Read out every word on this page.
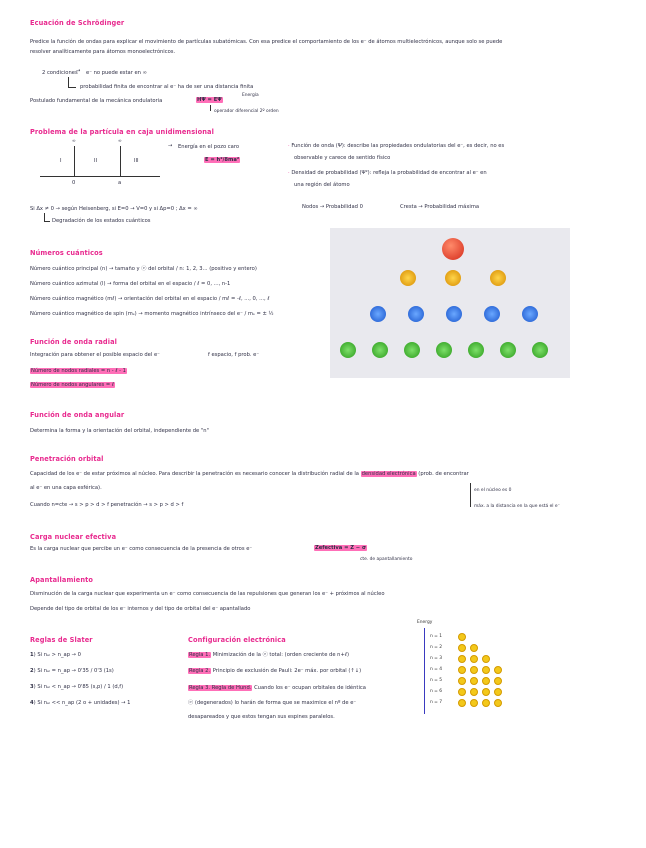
Ecuación de Schrödinger
Predice la función de ondas para explicar el movimiento de partículas subatómicas. Con esa predice el comportamiento de los e⁻ de átomos multielectrónicos, aunque solo se puede
resolver analíticamente para átomos monoelectrónicos.
2 condiciones
→ e⁻ no puede estar en ∞
probabilidad finita de encontrar al e⁻ ha de ser una distancia finita
Postulado fundamental de la mecánica ondulatoria	HΨ = EΨ
Energía
operador diferencial 2º orden
Problema de la partícula en caja unidimensional
∞	∞
I	II	III
0	a
→ Energía en el pozo caro
E = h²/8ma²
Si Δx ≠ 0 → según Heisenberg, si E=0 → V=0 y si Δp=0 ; Δx = ∞
Degradación de los estados cuánticos
· Función de onda (Ψ): describe las propiedades ondulatorias del e⁻, es decir, no es
observable y carece de sentido físico
· Densidad de probabilidad (Ψ²): refleja la probabilidad de encontrar al e⁻ en
una región del átomo
Nodos → Probabilidad 0	Cresta → Probabilidad máxima
Números cuánticos
Número cuántico principal (n) → tamaño y ⓔ del orbital / n: 1, 2, 3... (positivo y entero)
Número cuántico azimutal (l) → forma del orbital en el espacio / ℓ = 0, ..., n-1
Número cuántico magnético (mℓ) → orientación del orbital en el espacio / mℓ = -ℓ, ..., 0, ..., ℓ
Número cuántico magnético de spin (mₛ) → momento magnético intrínseco del e⁻ / mₛ = ± ½
Función de onda radial
Integración para obtener el posible espacio del e⁻	f espacio, f prob. e⁻
Número de nodos radiales = n - ℓ - 1
Número de nodos angulares = ℓ
Función de onda angular
Determina la forma y la orientación del orbital, independiente de "n"
Penetración orbital
Capacidad de los e⁻ de estar próximos al núcleo. Para describir la penetración es necesario conocer la distribución radial de la densidad electrónica (prob. de encontrar
al e⁻ en una capa esférica).	en el núcleo es 0
máx. a la distancia en la que está el e⁻
Cuando n=cte → s > p > d > f penetración → s > p > d > f
Carga nuclear efectiva
Es la carga nuclear que percibe un e⁻ como consecuencia de la presencia de otros e⁻	Zefectiva = Z − σ
cte. de apantallamiento
Apantallamiento
Disminución de la carga nuclear que experimenta un e⁻ como consecuencia de las repulsiones que generan los e⁻ + próximos al núcleo
Depende del tipo de orbital de los e⁻ internos y del tipo de orbital del e⁻ apantallado
Reglas de Slater
1) Si nₑₗ > n_ap → 0
2) Si nₑₗ = n_ap → 0'35 / 0'3 (1s)
3) Si nₑₗ < n_ap → 0'85 (s,p) / 1 (d,f)
4) Si nₑₗ << n_ap (2 o + unidades) → 1
Configuración electrónica
Regla 1. Minimización de la ⓔ total: (orden creciente de n+ℓ)
Regla 2. Principio de exclusión de Pauli: 2e⁻ máx. por orbital (↑↓)
Regla 3. Regla de Hund. Cuando los e⁻ ocupan orbitales de idéntica
ⓔ (degenerados) lo harán de forma que se maximice el nº de e⁻
desapareados y que estos tengan sus espines paralelos.
Energy
n = 1
n = 2
n = 3
n = 4
n = 5
n = 6
n = 7
